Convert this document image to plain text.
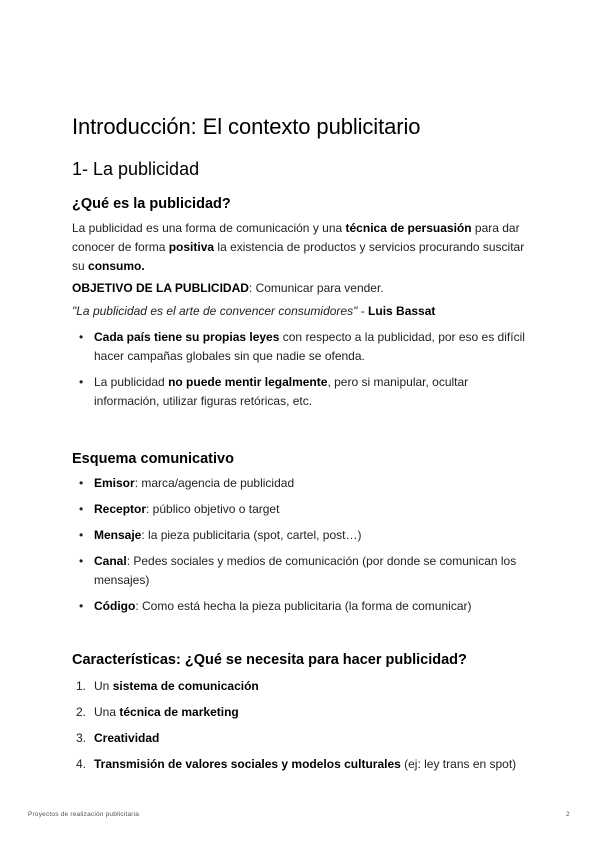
Introducción: El contexto publicitario
1- La publicidad
¿Qué es la publicidad?

La publicidad es una forma de comunicación y una técnica de persuasión para dar conocer de forma positiva la existencia de productos y servicios procurando suscitar su consumo.

OBJETIVO DE LA PUBLICIDAD: Comunicar para vender.

"La publicidad es el arte de convencer consumidores" - Luis Bassat

• Cada país tiene su propias leyes con respecto a la publicidad, por eso es difícil hacer campañas globales sin que nadie se ofenda.
• La publicidad no puede mentir legalmente, pero si manipular, ocultar información, utilizar figuras retóricas, etc.
Esquema comunicativo
• Emisor: marca/agencia de publicidad
• Receptor: público objetivo o target
• Mensaje: la pieza publicitaria (spot, cartel, post…)
• Canal: Pedes sociales y medios de comunicación (por donde se comunican los mensajes)
• Código: Como está hecha la pieza publicitaria (la forma de comunicar)
Características: ¿Qué se necesita para hacer publicidad?
1. Un sistema de comunicación
2. Una técnica de marketing
3. Creatividad
4. Transmisión de valores sociales y modelos culturales (ej: ley trans en spot)
Proyectos de realización publicitaria	2
